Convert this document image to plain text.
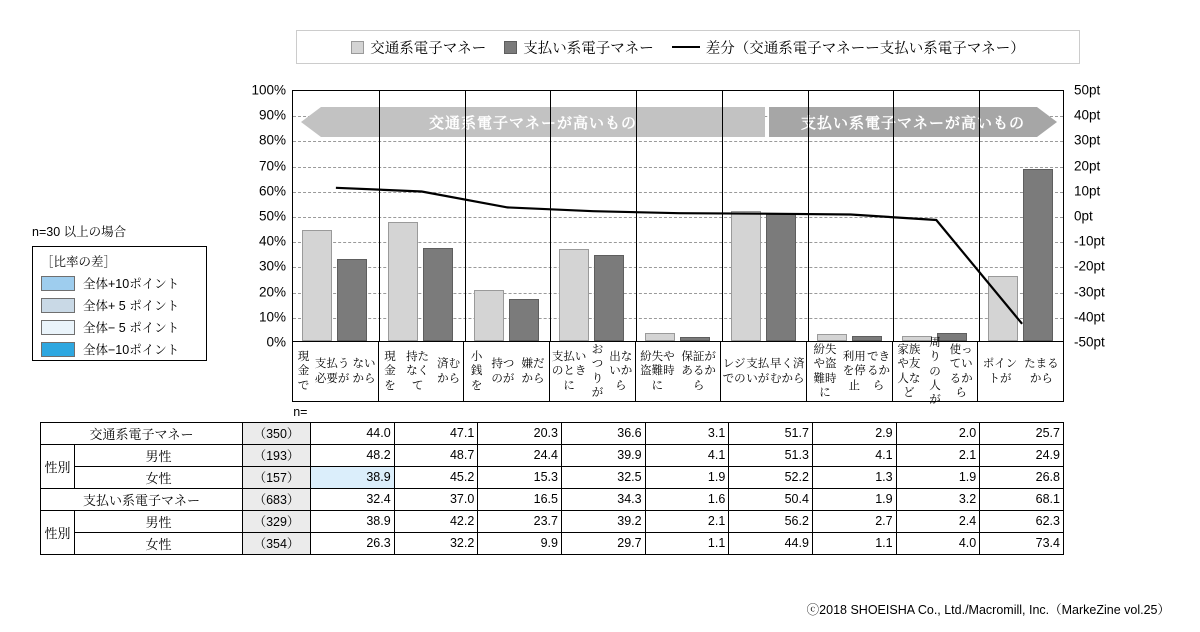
交通系電子マネー	支払い系電子マネー	差分（交通系電子マネーー支払い系電子マネー）
0%
10%
20%
30%
40%
50%
60%
70%
80%
90%
100%
-50pt
-40pt
-30pt
-20pt
-10pt
0pt
10pt
20pt
30pt
40pt
50pt
交通系電子マネーが高いもの	支払い系電子マネーが高いもの
現金で
支払う必要が
ないから
現金を
持たなくて
済むから
小銭を
持つのが
嫌だから
支払いのときに
おつりが
出ないから
紛失や盗難時に
保証があるから
レジでの
支払いが
早く済むから
紛失や盗難時に
利用を停止
できるから
家族や友人など
周りの人が
使っているから
ポイントが
たまるから
n=30 以上の場合
［比率の差］
全体+10ポイント
全体+ 5 ポイント
全体− 5 ポイント
全体−10ポイント
		n=									
交通系電子マネー		（350）	44.0	47.1	20.3	36.6	3.1	51.7	2.9	2.0	25.7
性別	男性	（193）	48.2	48.7	24.4	39.9	4.1	51.3	4.1	2.1	24.9
	女性	（157）	38.9	45.2	15.3	32.5	1.9	52.2	1.3	1.9	26.8
支払い系電子マネー		（683）	32.4	37.0	16.5	34.3	1.6	50.4	1.9	3.2	68.1
性別	男性	（329）	38.9	42.2	23.7	39.2	2.1	56.2	2.7	2.4	62.3
	女性	（354）	26.3	32.2	9.9	29.7	1.1	44.9	1.1	4.0	73.4
ⓒ2018 SHOEISHA Co., Ltd./Macromill, Inc.（MarkeZine vol.25）
